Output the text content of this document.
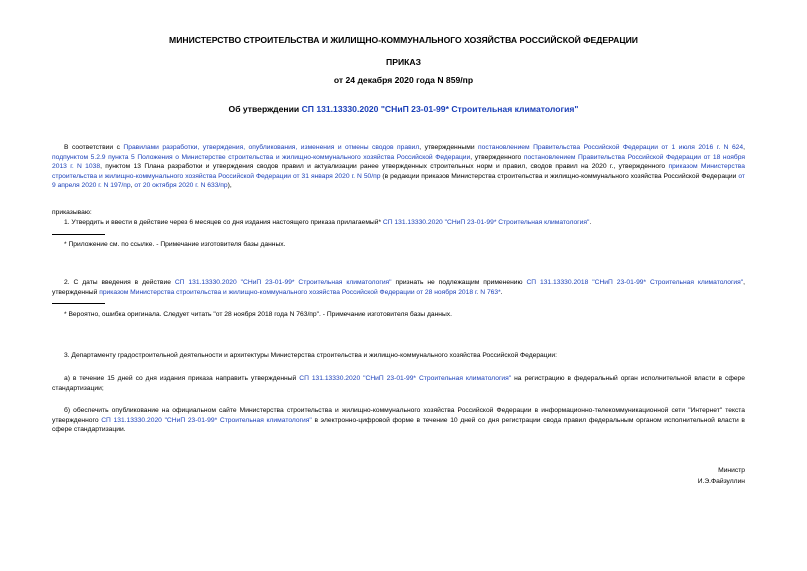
МИНИСТЕРСТВО СТРОИТЕЛЬСТВА И ЖИЛИЩНО-КОММУНАЛЬНОГО ХОЗЯЙСТВА РОССИЙСКОЙ ФЕДЕРАЦИИ
ПРИКАЗ
от 24 декабря 2020 года N 859/пр
Об утверждении СП 131.13330.2020 "СНиП 23-01-99* Строительная климатология"
В соответствии с Правилами разработки, утверждения, опубликования, изменения и отмены сводов правил, утвержденными постановлением Правительства Российской Федерации от 1 июля 2016 г. N 624, подпунктом 5.2.9 пункта 5 Положения о Министерстве строительства и жилищно-коммунального хозяйства Российской Федерации, утвержденного постановлением Правительства Российской Федерации от 18 ноября 2013 г. N 1038, пунктом 13 Плана разработки и утверждения сводов правил и актуализации ранее утвержденных строительных норм и правил, сводов правил на 2020 г., утвержденного приказом Министерства строительства и жилищно-коммунального хозяйства Российской Федерации от 31 января 2020 г. N 50/пр (в редакции приказов Министерства строительства и жилищно-коммунального хозяйства Российской Федерации от 9 апреля 2020 г. N 197/пр, от 20 октября 2020 г. N 633/пр),
приказываю:
1. Утвердить и ввести в действие через 6 месяцев со дня издания настоящего приказа прилагаемый* СП 131.13330.2020 "СНиП 23-01-99* Строительная климатология".
* Приложение см. по ссылке. - Примечание изготовителя базы данных.
2. С даты введения в действие СП 131.13330.2020 "СНиП 23-01-99* Строительная климатология" признать не подлежащим применению СП 131.13330.2018 "СНиП 23-01-99* Строительная климатология", утвержденный приказом Министерства строительства и жилищно-коммунального хозяйства Российской Федерации от 28 ноября 2018 г. N 763*.
* Вероятно, ошибка оригинала. Следует читать "от 28 ноября 2018 года N 763/пр". - Примечание изготовителя базы данных.
3. Департаменту градостроительной деятельности и архитектуры Министерства строительства и жилищно-коммунального хозяйства Российской Федерации:
а) в течение 15 дней со дня издания приказа направить утвержденный СП 131.13330.2020 "СНиП 23-01-99* Строительная климатология" на регистрацию в федеральный орган исполнительной власти в сфере стандартизации;
б) обеспечить опубликование на официальном сайте Министерства строительства и жилищно-коммунального хозяйства Российской Федерации в информационно-телекоммуникационной сети "Интернет" текста утвержденного СП 131.13330.2020 "СНиП 23-01-99* Строительная климатология" в электронно-цифровой форме в течение 10 дней со дня регистрации свода правил федеральным органом исполнительной власти в сфере стандартизации.
Министр
И.Э.Файзуллин
